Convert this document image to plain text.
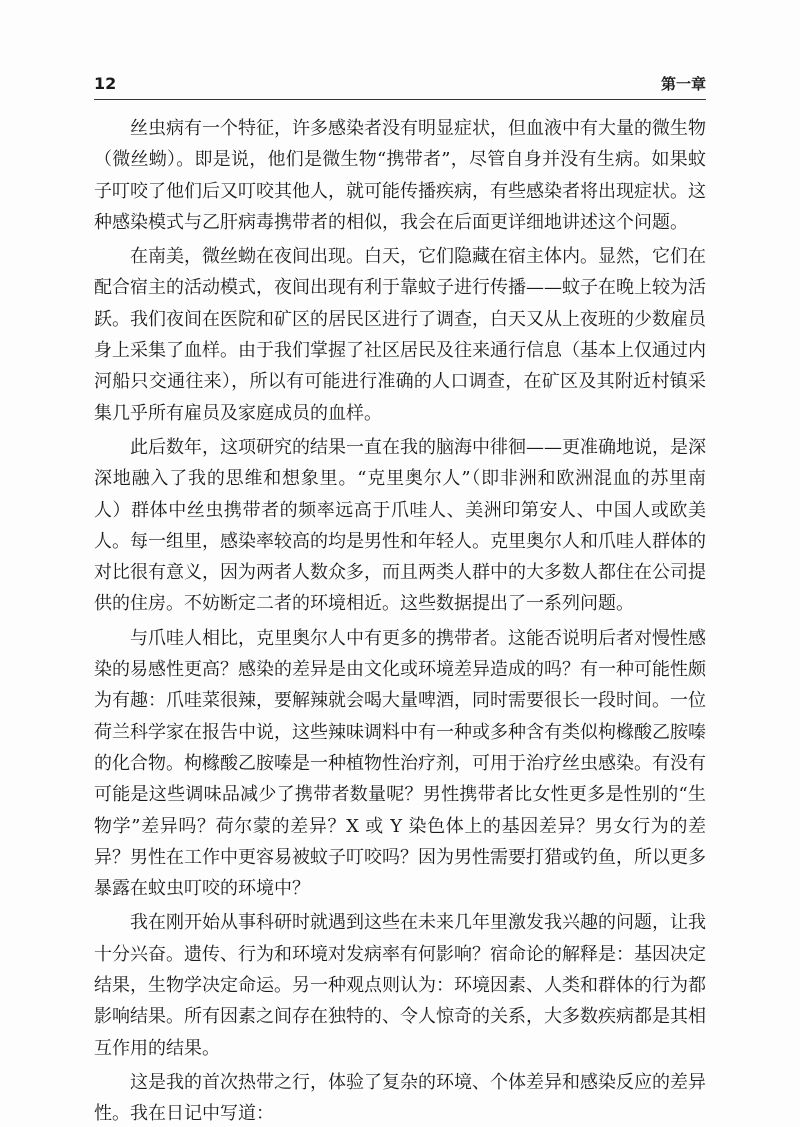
12	第一章

丝虫病有一个特征，许多感染者没有明显症状，但血液中有大量的微生物（微丝蚴）。即是说，他们是微生物“携带者”，尽管自身并没有生病。如果蚊子叮咬了他们后又叮咬其他人，就可能传播疾病，有些感染者将出现症状。这种感染模式与乙肝病毒携带者的相似，我会在后面更详细地讲述这个问题。

在南美，微丝蚴在夜间出现。白天，它们隐藏在宿主体内。显然，它们在配合宿主的活动模式，夜间出现有利于靠蚊子进行传播——蚊子在晚上较为活跃。我们夜间在医院和矿区的居民区进行了调查，白天又从上夜班的少数雇员身上采集了血样。由于我们掌握了社区居民及往来通行信息（基本上仅通过内河船只交通往来），所以有可能进行准确的人口调查，在矿区及其附近村镇采集几乎所有雇员及家庭成员的血样。

此后数年，这项研究的结果一直在我的脑海中徘徊——更准确地说，是深深地融入了我的思维和想象里。“克里奥尔人”（即非洲和欧洲混血的苏里南人）群体中丝虫携带者的频率远高于爪哇人、美洲印第安人、中国人或欧美人。每一组里，感染率较高的均是男性和年轻人。克里奥尔人和爪哇人群体的对比很有意义，因为两者人数众多，而且两类人群中的大多数人都住在公司提供的住房。不妨断定二者的环境相近。这些数据提出了一系列问题。

与爪哇人相比，克里奥尔人中有更多的携带者。这能否说明后者对慢性感染的易感性更高？感染的差异是由文化或环境差异造成的吗？有一种可能性颇为有趣：爪哇菜很辣，要解辣就会喝大量啤酒，同时需要很长一段时间。一位荷兰科学家在报告中说，这些辣味调料中有一种或多种含有类似枸橼酸乙胺嗪的化合物。枸橼酸乙胺嗪是一种植物性治疗剂，可用于治疗丝虫感染。有没有可能是这些调味品减少了携带者数量呢？男性携带者比女性更多是性别的“生物学”差异吗？荷尔蒙的差异？X 或 Y 染色体上的基因差异？男女行为的差异？男性在工作中更容易被蚊子叮咬吗？因为男性需要打猎或钓鱼，所以更多暴露在蚊虫叮咬的环境中？

我在刚开始从事科研时就遇到这些在未来几年里激发我兴趣的问题，让我十分兴奋。遗传、行为和环境对发病率有何影响？宿命论的解释是：基因决定结果，生物学决定命运。另一种观点则认为：环境因素、人类和群体的行为都影响结果。所有因素之间存在独特的、令人惊奇的关系，大多数疾病都是其相互作用的结果。

这是我的首次热带之行，体验了复杂的环境、个体差异和感染反应的差异性。我在日记中写道：
